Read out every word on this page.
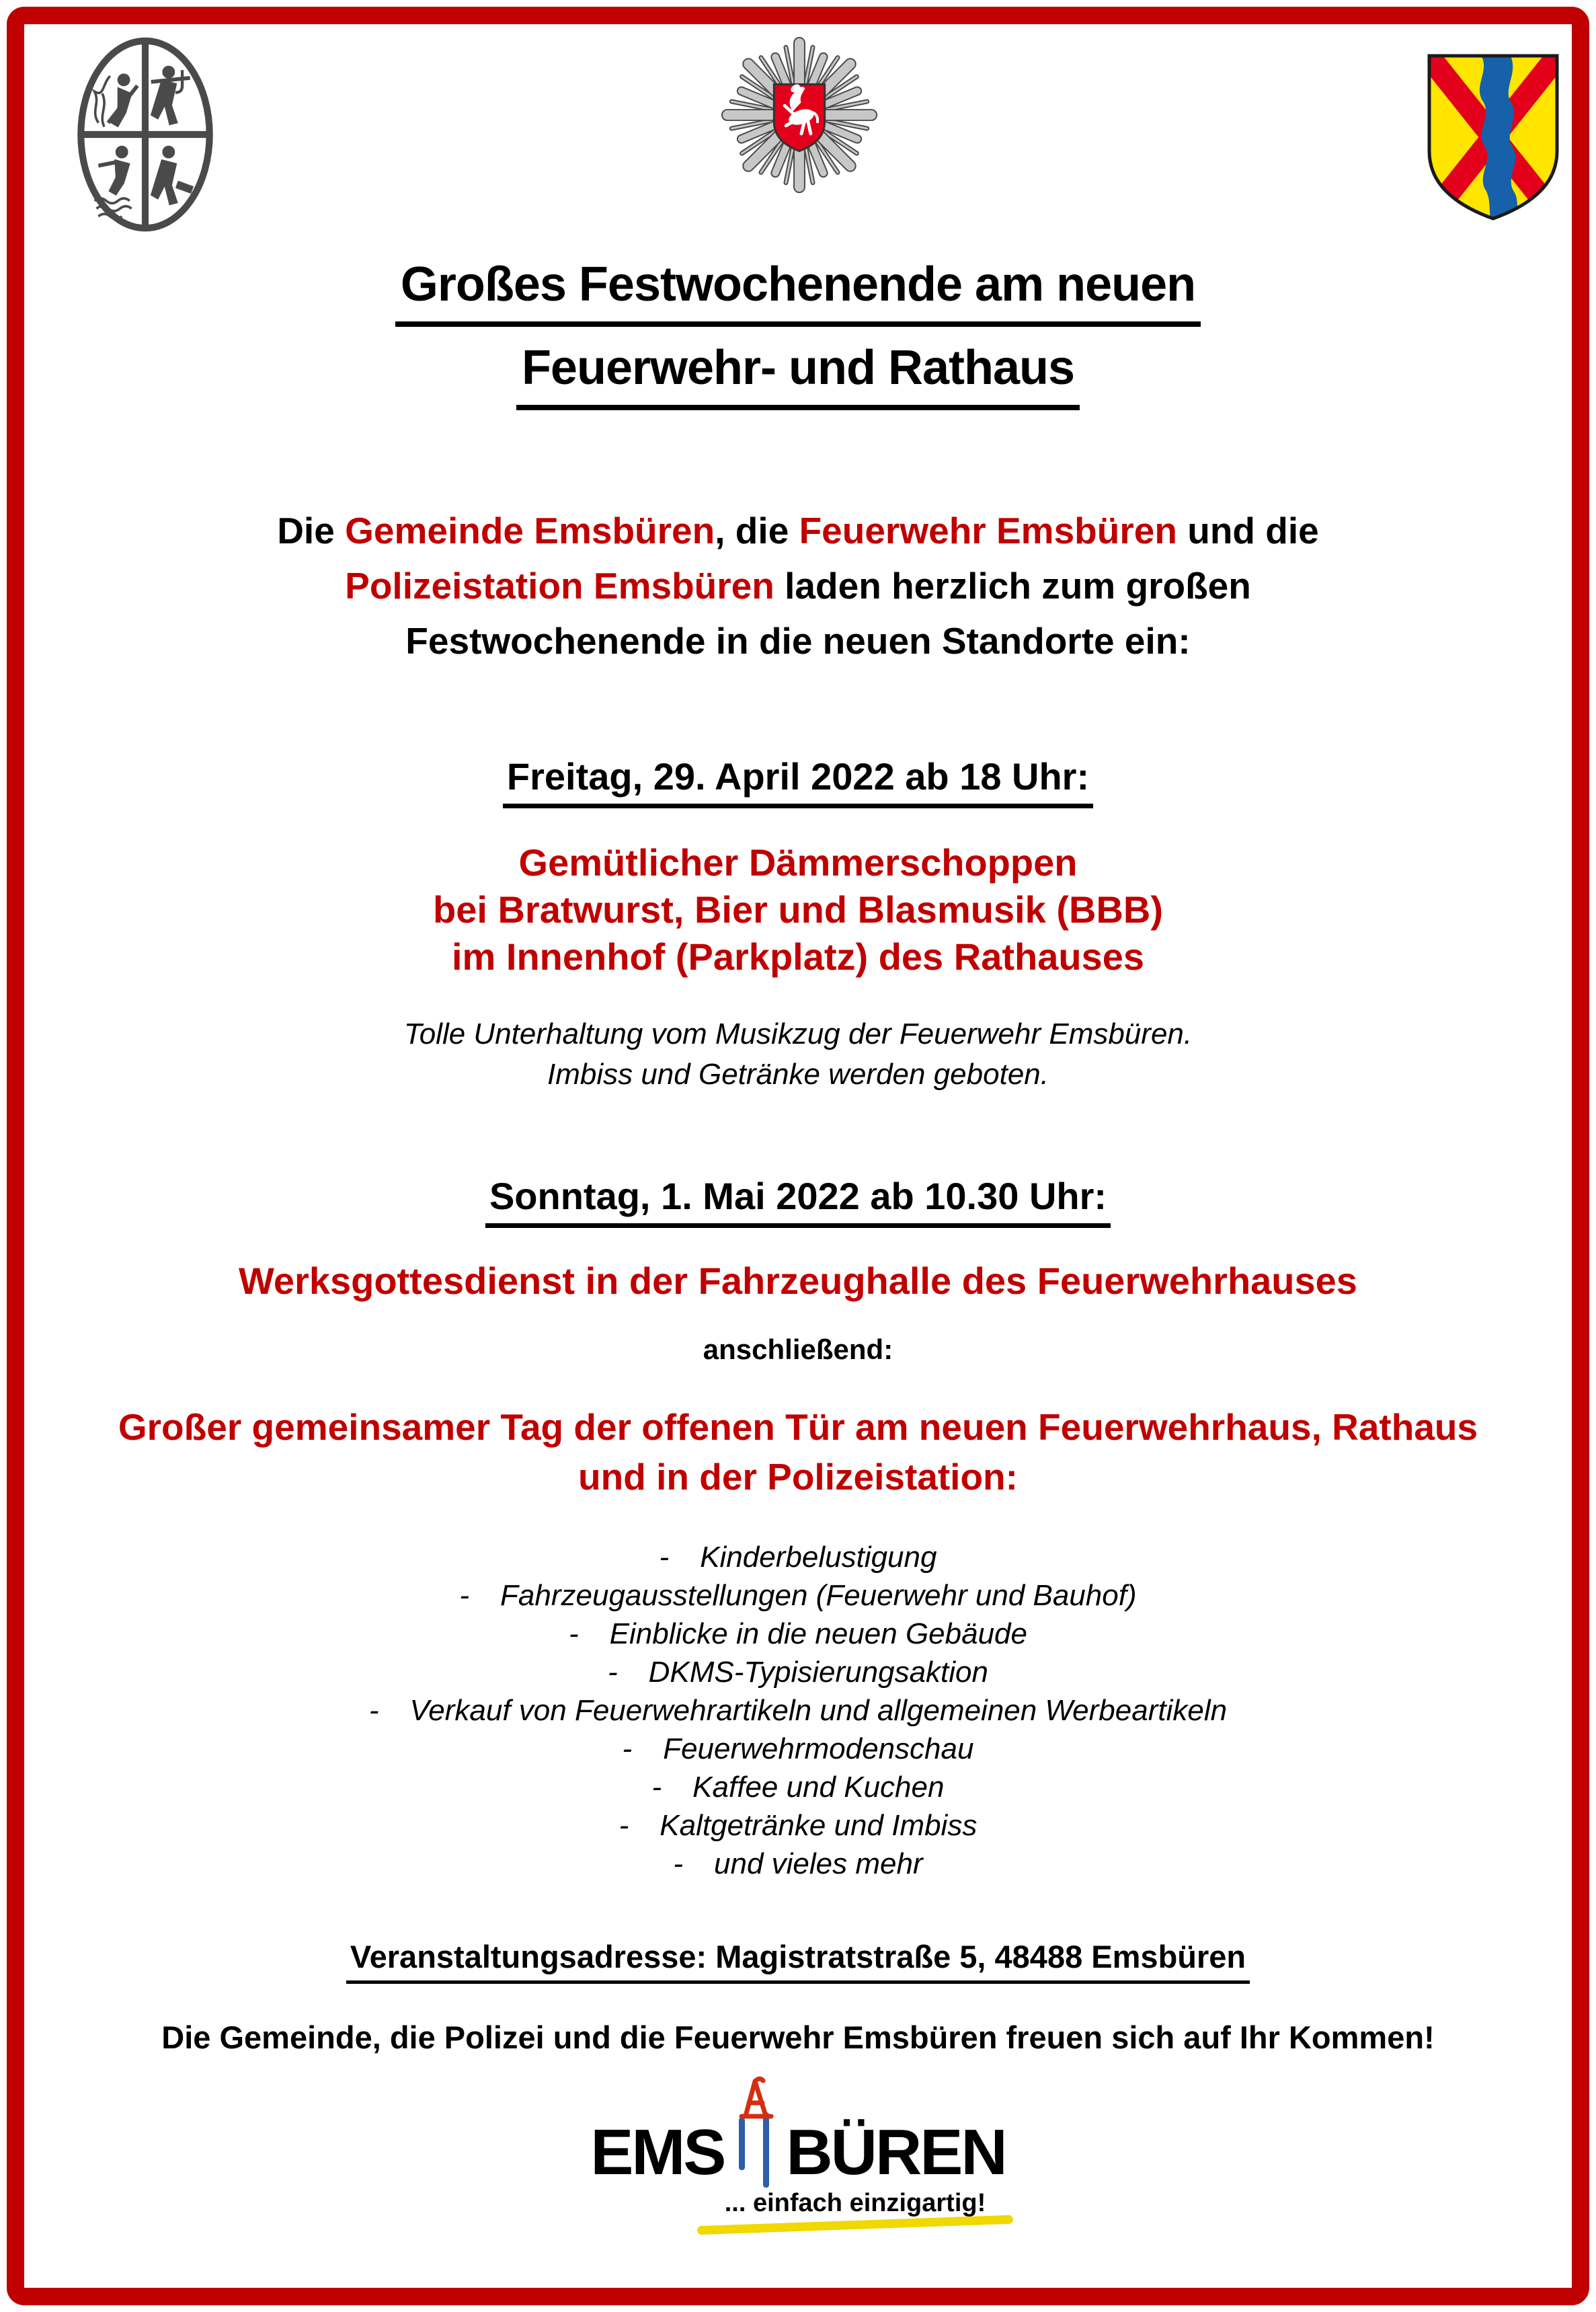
Großes Festwochenende am neuen
Feuerwehr- und Rathaus
Die Gemeinde Emsbüren, die Feuerwehr Emsbüren und die
Polizeistation Emsbüren laden herzlich zum großen
Festwochenende in die neuen Standorte ein:
Freitag, 29. April 2022 ab 18 Uhr:
Gemütlicher Dämmerschoppen
bei Bratwurst, Bier und Blasmusik (BBB)
im Innenhof (Parkplatz) des Rathauses
Tolle Unterhaltung vom Musikzug der Feuerwehr Emsbüren.
Imbiss und Getränke werden geboten.
Sonntag, 1. Mai 2022 ab 10.30 Uhr:
Werksgottesdienst in der Fahrzeughalle des Feuerwehrhauses
anschließend:
Großer gemeinsamer Tag der offenen Tür am neuen Feuerwehrhaus, Rathaus
und in der Polizeistation:
- Kinderbelustigung
- Fahrzeugausstellungen (Feuerwehr und Bauhof)
- Einblicke in die neuen Gebäude
- DKMS-Typisierungsaktion
- Verkauf von Feuerwehrartikeln und allgemeinen Werbeartikeln
- Feuerwehrmodenschau
- Kaffee und Kuchen
- Kaltgetränke und Imbiss
- und vieles mehr
Veranstaltungsadresse: Magistratstraße 5, 48488 Emsbüren
Die Gemeinde, die Polizei und die Feuerwehr Emsbüren freuen sich auf Ihr Kommen!
EMS BÜREN
... einfach einzigartig!
